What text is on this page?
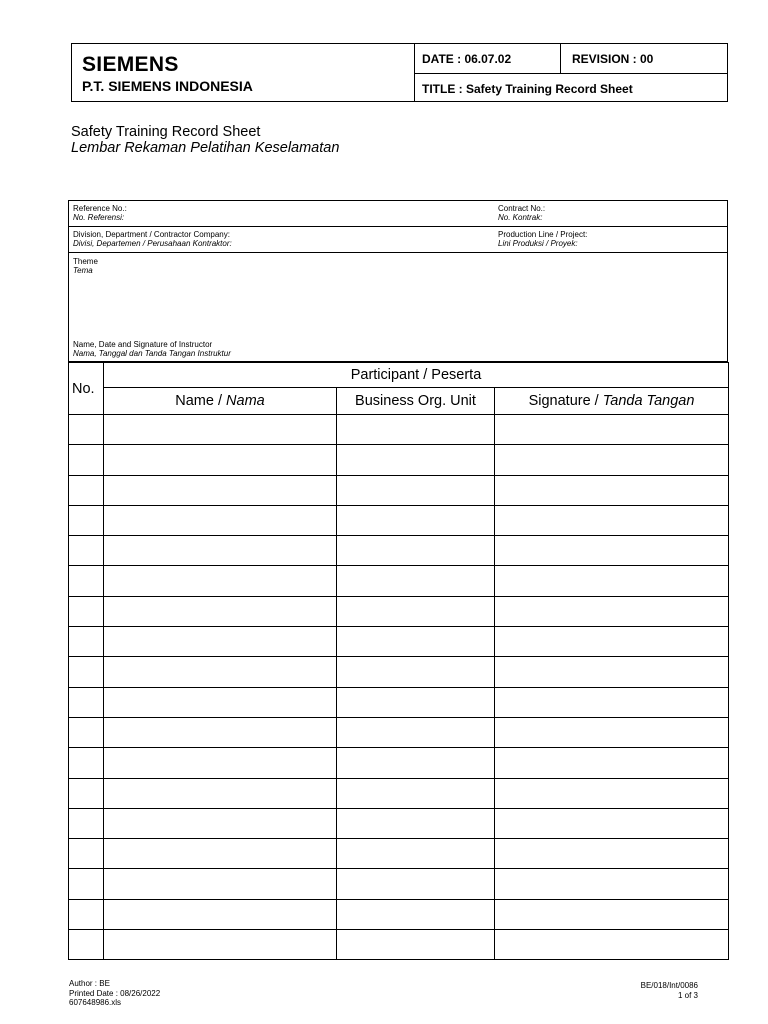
SIEMENS
P.T. SIEMENS INDONESIA
DATE : 06.07.02	REVISION : 00
TITLE : Safety Training Record Sheet
Safety Training Record Sheet
Lembar Rekaman Pelatihan Keselamatan
Reference No.:
No. Referensi:
Contract No.:
No. Kontrak:
Division, Department / Contractor Company:
Divisi, Departemen / Perusahaan Kontraktor:
Production Line / Project:
Lini Produksi / Proyek:
Theme
Tema
Name, Date and Signature of Instructor
Nama, Tanggal dan Tanda Tangan Instruktur
No.	Participant / Peserta		
	Name / Nama	Business Org. Unit	Signature / Tanda Tangan

Author : BE
Printed Date : 08/26/2022
607648986.xls
BE/018/Int/0086
1 of 3
